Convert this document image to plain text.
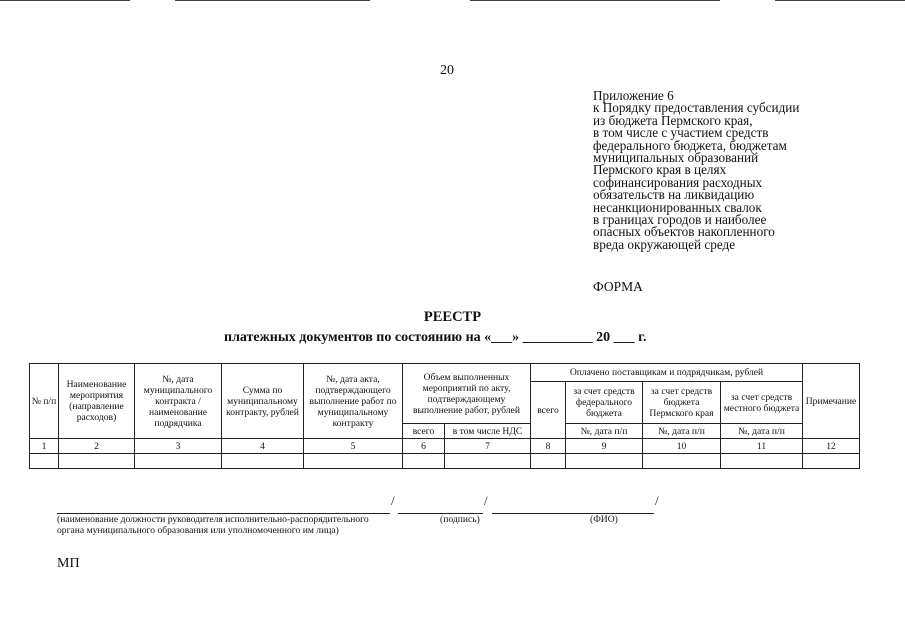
20
Приложение 6
к Порядку предоставления субсидии
из бюджета Пермского края,
в том числе с участием средств
федерального бюджета, бюджетам
муниципальных образований
Пермского края в целях
софинансирования расходных
обязательств на ликвидацию
несанкционированных свалок
в границах городов и наиболее
опасных объектов накопленного
вреда окружающей среде
ФОРМА
РЕЕСТР
платежных документов по состоянию на «___» __________ 20 ___ г.
№ п/п	Наименование мероприятия (направление расходов)	№, дата муниципального контракта / наименование подрядчика	Сумма по муниципальному контракту, рублей	№, дата акта, подтверждающего выполнение работ по муниципальному контракту	Объем выполненных мероприятий по акту, подтверждающему выполнение работ, рублей		Оплачено поставщикам и подрядчикам, рублей				Примечание
							всего	за счет средств федерального бюджета	за счет средств бюджета Пермского края	за счет средств местного бюджета	
					всего	в том числе НДС		№, дата п/п	№, дата п/п	№, дата п/п	
1	2	3	4	5	6	7	8	9	10	11	12

/	/	/
(наименование должности руководителя исполнительно-распорядительного
органа муниципального образования или уполномоченного им лица)
(подпись)	(ФИО)
МП
